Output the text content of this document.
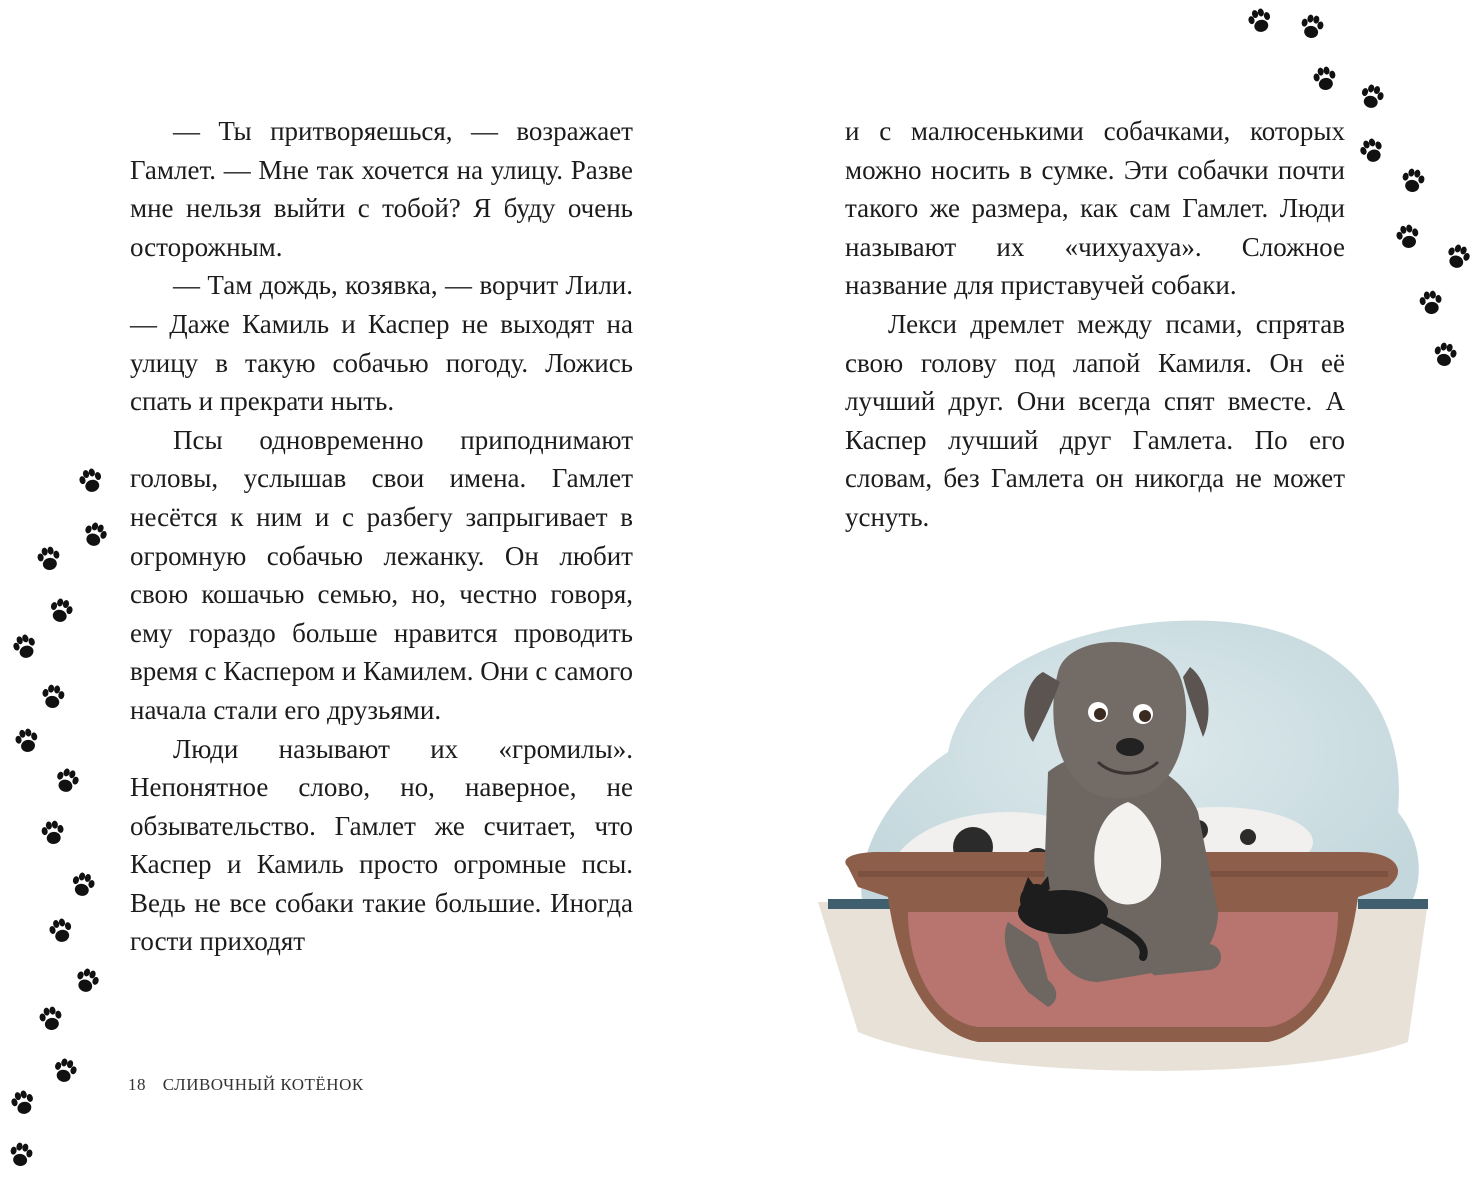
— Ты притворяешься, — возражает Гамлет. — Мне так хочется на улицу. Разве мне нельзя выйти с тобой? Я буду очень осторожным.

— Там дождь, козявка, — ворчит Лили. — Даже Камиль и Каспер не выходят на улицу в такую собачью погоду. Ложись спать и прекрати ныть.

Псы одновременно приподнимают головы, услышав свои имена. Гамлет несётся к ним и с разбегу запрыгивает в огромную собачью лежанку. Он любит свою кошачью семью, но, честно говоря, ему гораздо больше нравится проводить время с Каспером и Камилем. Они с самого начала стали его друзьями.

Люди называют их «громилы». Непонятное слово, но, наверное, не обзывательство. Гамлет же считает, что Каспер и Камиль просто огромные псы. Ведь не все собаки такие большие. Иногда гости приходят

18 СЛИВОЧНЫЙ КОТЁНОК

и с малюсенькими собачками, которых можно носить в сумке. Эти собачки почти такого же размера, как сам Гамлет. Люди называют их «чихуахуа». Сложное название для приставучей собаки.

Лекси дремлет между псами, спрятав свою голову под лапой Камиля. Он её лучший друг. Они всегда спят вместе. А Каспер лучший друг Гамлета. По его словам, без Гамлета он никогда не может уснуть.
